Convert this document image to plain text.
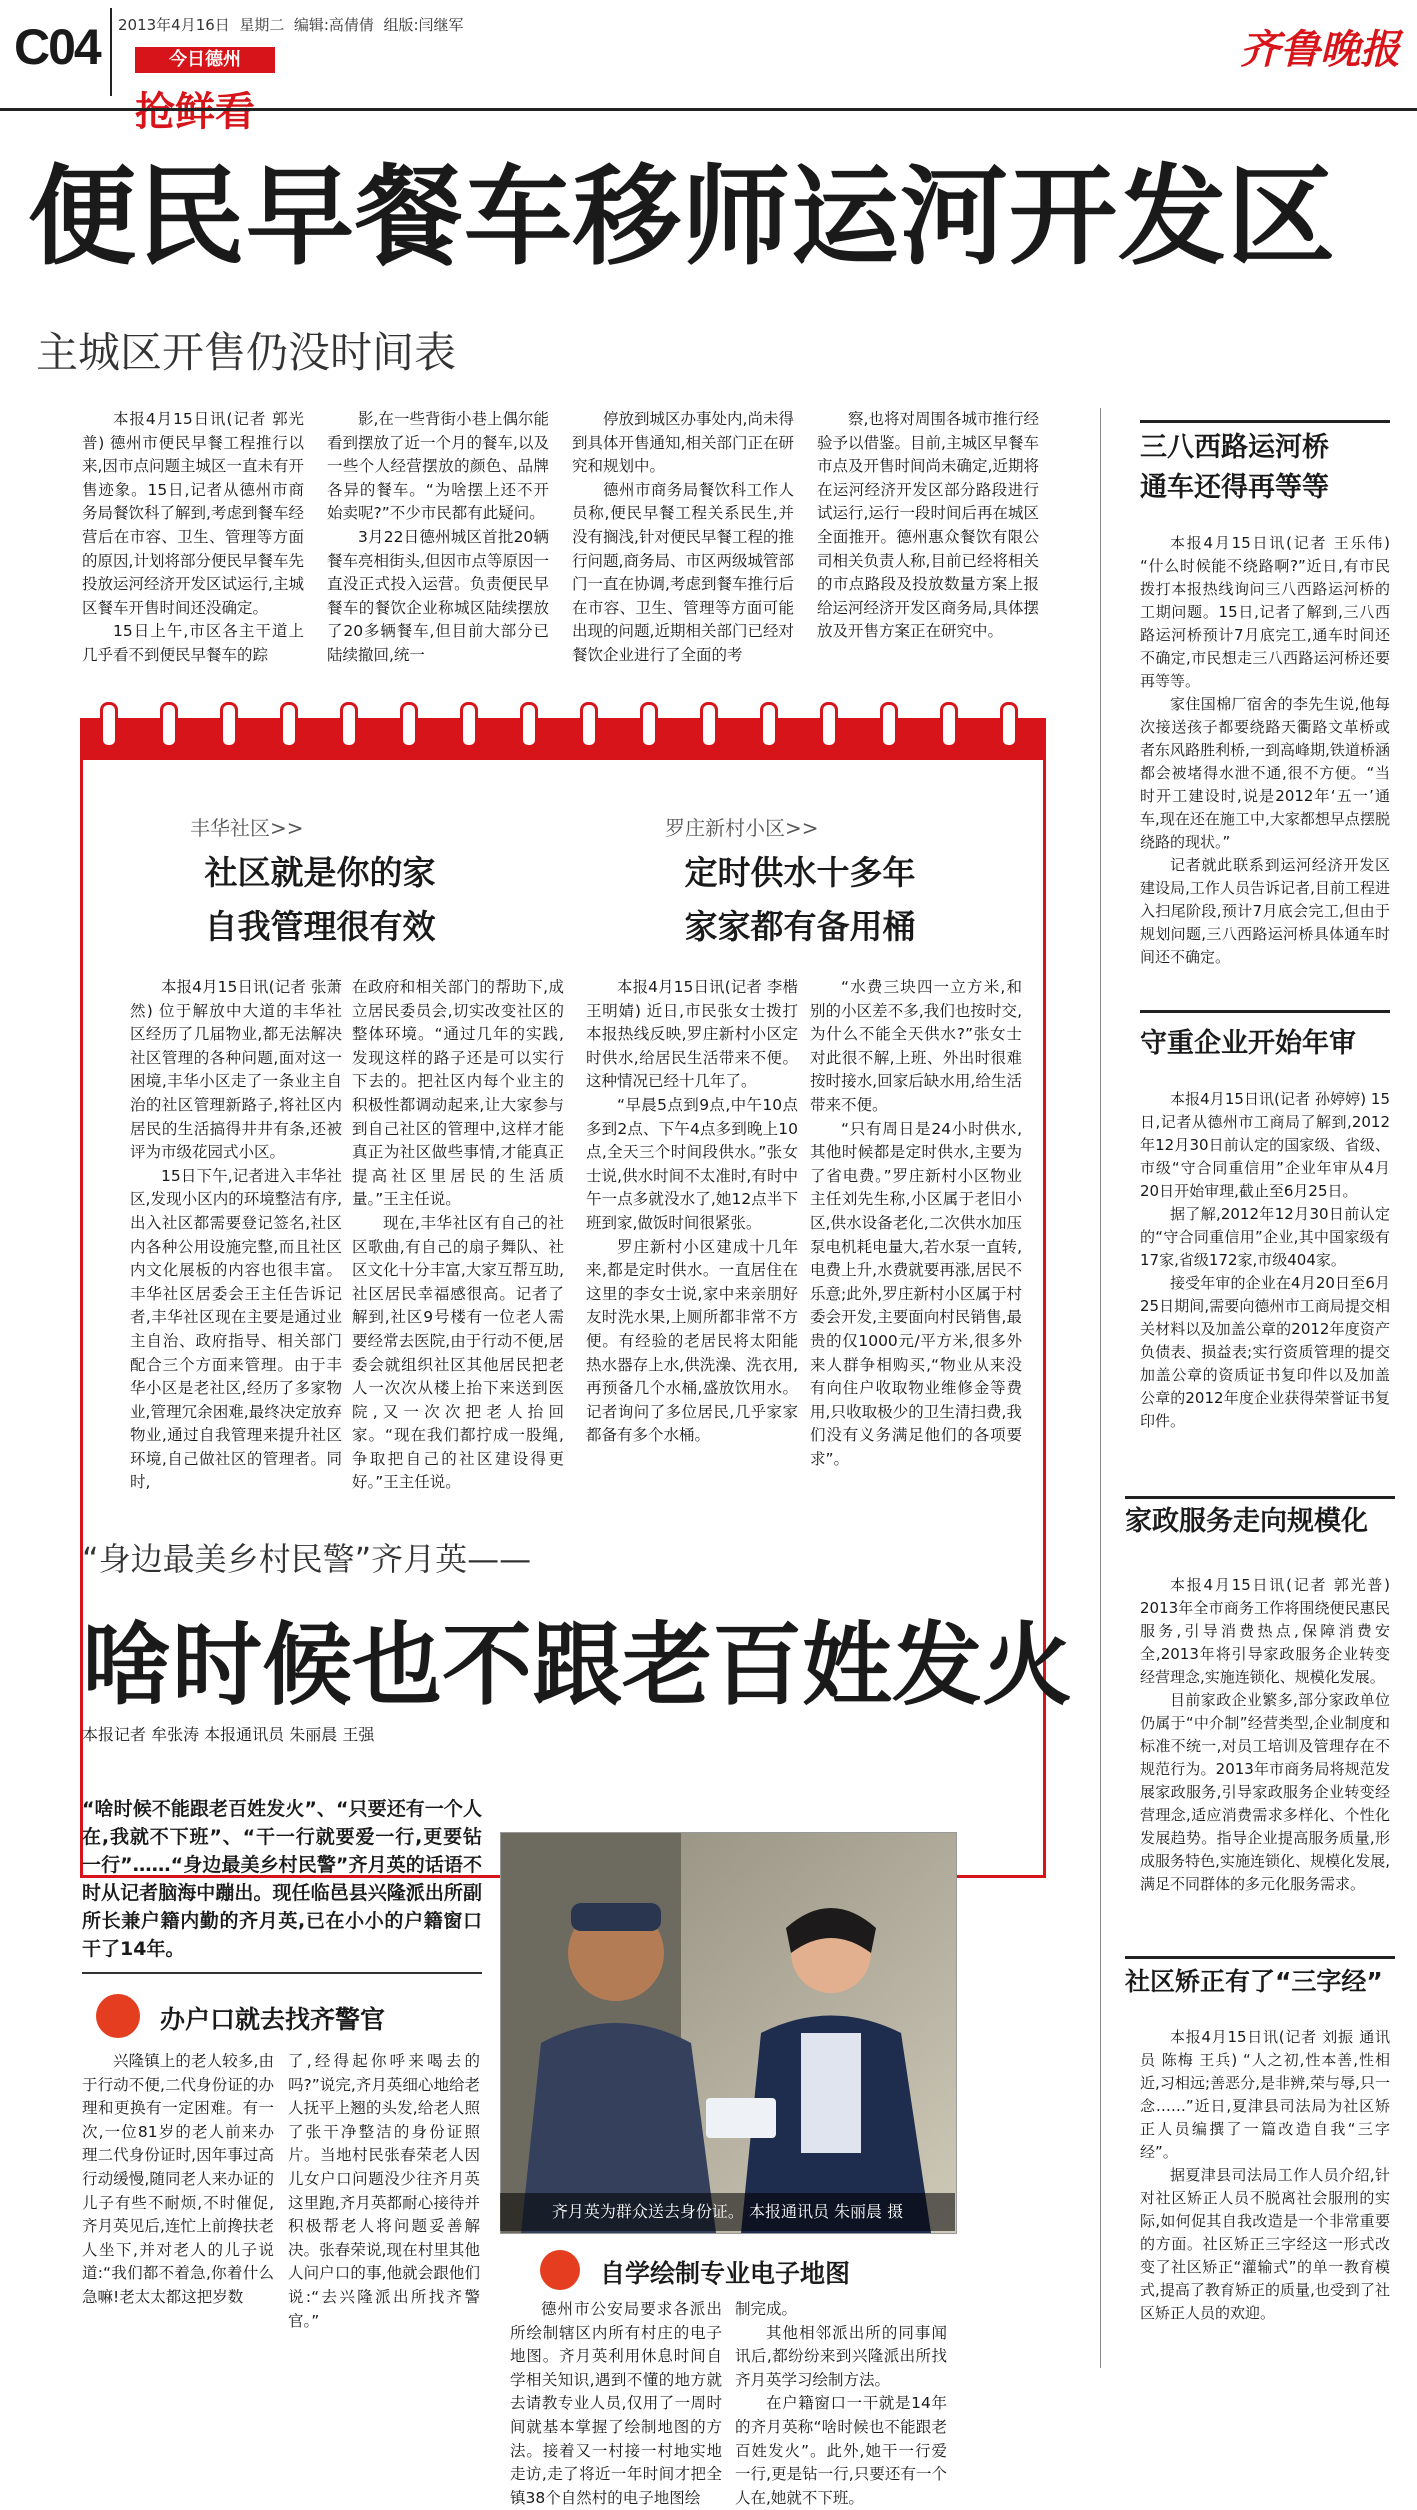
C04 2013年4月16日  星期二  编辑:高倩倩  组版:闫继军
今日德州
抢鲜看
齐鲁晚报
便民早餐车移师运河开发区
主城区开售仍没时间表

本报4月15日讯(记者 郭光普) 德州市便民早餐工程推行以来,因市点问题主城区一直未有开售迹象。15日,记者从德州市商务局餐饮科了解到,考虑到餐车经营后在市容、卫生、管理等方面的原因,计划将部分便民早餐车先投放运河经济开发区试运行,主城区餐车开售时间还没确定。

15日上午,市区各主干道上几乎看不到便民早餐车的踪

影,在一些背街小巷上偶尔能看到摆放了近一个月的餐车,以及一些个人经营摆放的颜色、品牌各异的餐车。“为啥摆上还不开始卖呢?”不少市民都有此疑问。

3月22日德州城区首批20辆餐车亮相街头,但因市点等原因一直没正式投入运营。负责便民早餐车的餐饮企业称城区陆续摆放了20多辆餐车,但目前大部分已陆续撤回,统一

停放到城区办事处内,尚未得到具体开售通知,相关部门正在研究和规划中。

德州市商务局餐饮科工作人员称,便民早餐工程关系民生,并没有搁浅,针对便民早餐工程的推行问题,商务局、市区两级城管部门一直在协调,考虑到餐车推行后在市容、卫生、管理等方面可能出现的问题,近期相关部门已经对餐饮企业进行了全面的考

察,也将对周围各城市推行经验予以借鉴。目前,主城区早餐车市点及开售时间尚未确定,近期将在运河经济开发区部分路段进行试运行,运行一段时间后再在城区全面推开。德州惠众餐饮有限公司相关负责人称,目前已经将相关的市点路段及投放数量方案上报给运河经济开发区商务局,具体摆放及开售方案正在研究中。

丰华社区>>
社区就是你的家
自我管理很有效

本报4月15日讯(记者 张萧然) 位于解放中大道的丰华社区经历了几届物业,都无法解决社区管理的各种问题,面对这一困境,丰华小区走了一条业主自治的社区管理新路子,将社区内居民的生活搞得井井有条,还被评为市级花园式小区。

15日下午,记者进入丰华社区,发现小区内的环境整洁有序,出入社区都需要登记签名,社区内各种公用设施完整,而且社区内文化展板的内容也很丰富。丰华社区居委会王主任告诉记者,丰华社区现在主要是通过业主自治、政府指导、相关部门配合三个方面来管理。由于丰华小区是老社区,经历了多家物业,管理冗余困难,最终决定放弃物业,通过自我管理来提升社区环境,自己做社区的管理者。同时,

在政府和相关部门的帮助下,成立居民委员会,切实改变社区的整体环境。“通过几年的实践,发现这样的路子还是可以实行下去的。把社区内每个业主的积极性都调动起来,让大家参与到自己社区的管理中,这样才能真正为社区做些事情,才能真正提高社区里居民的生活质量。”王主任说。

现在,丰华社区有自己的社区歌曲,有自己的扇子舞队、社区文化十分丰富,大家互帮互助,社区居民幸福感很高。记者了解到,社区9号楼有一位老人需要经常去医院,由于行动不便,居委会就组织社区其他居民把老人一次次从楼上抬下来送到医院,又一次次把老人抬回家。“现在我们都拧成一股绳,争取把自己的社区建设得更好。”王主任说。

罗庄新村小区>>
定时供水十多年
家家都有备用桶

本报4月15日讯(记者 李楷 王明婧) 近日,市民张女士拨打本报热线反映,罗庄新村小区定时供水,给居民生活带来不便。这种情况已经十几年了。

“早晨5点到9点,中午10点多到2点、下午4点多到晚上10点,全天三个时间段供水。”张女士说,供水时间不太准时,有时中午一点多就没水了,她12点半下班到家,做饭时间很紧张。

罗庄新村小区建成十几年来,都是定时供水。一直居住在这里的李女士说,家中来亲朋好友时洗水果,上厕所都非常不方便。有经验的老居民将太阳能热水器存上水,供洗澡、洗衣用,再预备几个水桶,盛放饮用水。记者询问了多位居民,几乎家家都备有多个水桶。

“水费三块四一立方米,和别的小区差不多,我们也按时交,为什么不能全天供水?”张女士对此很不解,上班、外出时很难按时接水,回家后缺水用,给生活带来不便。

“只有周日是24小时供水,其他时候都是定时供水,主要为了省电费。”罗庄新村小区物业主任刘先生称,小区属于老旧小区,供水设备老化,二次供水加压泵电机耗电量大,若水泵一直转,电费上升,水费就要再涨,居民不乐意;此外,罗庄新村小区属于村委会开发,主要面向村民销售,最贵的仅1000元/平方米,很多外来人群争相购买,“物业从来没有向住户收取物业维修金等费用,只收取极少的卫生清扫费,我们没有义务满足他们的各项要求”。

三八西路运河桥
通车还得再等等

本报4月15日讯(记者 王乐伟) “什么时候能不绕路啊?”近日,有市民拨打本报热线询问三八西路运河桥的工期问题。15日,记者了解到,三八西路运河桥预计7月底完工,通车时间还不确定,市民想走三八西路运河桥还要再等等。

家住国棉厂宿舍的李先生说,他每次接送孩子都要绕路天衢路文革桥或者东风路胜利桥,一到高峰期,铁道桥涵都会被堵得水泄不通,很不方便。“当时开工建设时,说是2012年‘五一’通车,现在还在施工中,大家都想早点摆脱绕路的现状。”

记者就此联系到运河经济开发区建设局,工作人员告诉记者,目前工程进入扫尾阶段,预计7月底会完工,但由于规划问题,三八西路运河桥具体通车时间还不确定。

守重企业开始年审

本报4月15日讯(记者 孙婷婷) 15日,记者从德州市工商局了解到,2012年12月30日前认定的国家级、省级、市级“守合同重信用”企业年审从4月20日开始审理,截止至6月25日。

据了解,2012年12月30日前认定的“守合同重信用”企业,其中国家级有17家,省级172家,市级404家。

接受年审的企业在4月20日至6月25日期间,需要向德州市工商局提交相关材料以及加盖公章的2012年度资产负债表、损益表;实行资质管理的提交加盖公章的资质证书复印件以及加盖公章的2012年度企业获得荣誉证书复印件。

家政服务走向规模化

本报4月15日讯(记者 郭光普) 2013年全市商务工作将围绕便民惠民服务,引导消费热点,保障消费安全,2013年将引导家政服务企业转变经营理念,实施连锁化、规模化发展。

目前家政企业繁多,部分家政单位仍属于“中介制”经营类型,企业制度和标准不统一,对员工培训及管理存在不规范行为。2013年市商务局将规范发展家政服务,引导家政服务企业转变经营理念,适应消费需求多样化、个性化发展趋势。指导企业提高服务质量,形成服务特色,实施连锁化、规模化发展,满足不同群体的多元化服务需求。

社区矫正有了“三字经”

本报4月15日讯(记者 刘振 通讯员 陈梅 王兵) “人之初,性本善,性相近,习相远;善恶分,是非辨,荣与辱,只一念……”近日,夏津县司法局为社区矫正人员编撰了一篇改造自我“三字经”。

据夏津县司法局工作人员介绍,针对社区矫正人员不脱离社会服刑的实际,如何促其自我改造是一个非常重要的方面。社区矫正三字经这一形式改变了社区矫正“灌输式”的单一教育模式,提高了教育矫正的质量,也受到了社区矫正人员的欢迎。

“身边最美乡村民警”齐月英——
啥时候也不跟老百姓发火
本报记者 牟张涛 本报通讯员 朱丽晨 王强
“啥时候不能跟老百姓发火”、“只要还有一个人在,我就不下班”、“干一行就要爱一行,更要钻一行”……“身边最美乡村民警”齐月英的话语不时从记者脑海中蹦出。现任临邑县兴隆派出所副所长兼户籍内勤的齐月英,已在小小的户籍窗口干了14年。
齐月英为群众送去身份证。 本报通讯员 朱丽晨 摄
办户口就去找齐警官

兴隆镇上的老人较多,由于行动不便,二代身份证的办理和更换有一定困难。有一次,一位81岁的老人前来办理二代身份证时,因年事过高行动缓慢,随同老人来办证的儿子有些不耐烦,不时催促,齐月英见后,连忙上前搀扶老人坐下,并对老人的儿子说道:“我们都不着急,你着什么急嘛!老太太都这把岁数

了,经得起你呼来喝去的吗?”说完,齐月英细心地给老人抚平上翘的头发,给老人照了张干净整洁的身份证照片。当地村民张春荣老人因儿女户口问题没少往齐月英这里跑,齐月英都耐心接待并积极帮老人将问题妥善解决。张春荣说,现在村里其他人问户口的事,他就会跟他们说:“去兴隆派出所找齐警官。”

自学绘制专业电子地图

德州市公安局要求各派出所绘制辖区内所有村庄的电子地图。齐月英利用休息时间自学相关知识,遇到不懂的地方就去请教专业人员,仅用了一周时间就基本掌握了绘制地图的方法。接着又一村接一村地实地走访,走了将近一年时间才把全镇38个自然村的电子地图绘

制完成。

其他相邻派出所的同事闻讯后,都纷纷来到兴隆派出所找齐月英学习绘制方法。

在户籍窗口一干就是14年的齐月英称“啥时候也不能跟老百姓发火”。此外,她干一行爱一行,更是钻一行,只要还有一个人在,她就不下班。
